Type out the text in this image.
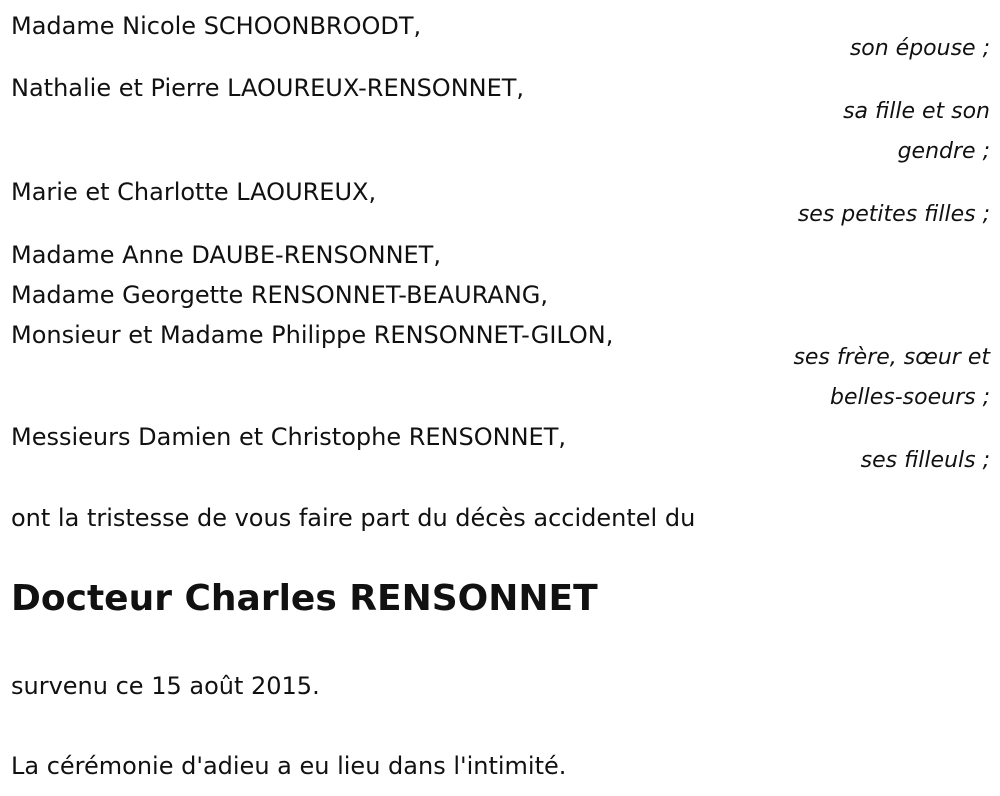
Madame Nicole SCHOONBROODT,
son épouse ;
Nathalie et Pierre LAOUREUX-RENSONNET,
sa fille et son
gendre ;
Marie et Charlotte LAOUREUX,
ses petites filles ;
Madame Anne DAUBE-RENSONNET,
Madame Georgette RENSONNET-BEAURANG,
Monsieur et Madame Philippe RENSONNET-GILON,
ses frère, sœur et
belles-soeurs ;
Messieurs Damien et Christophe RENSONNET,
ses filleuls ;
ont la tristesse de vous faire part du décès accidentel du
Docteur Charles RENSONNET
survenu ce 15 août 2015.
La cérémonie d'adieu a eu lieu dans l'intimité.
